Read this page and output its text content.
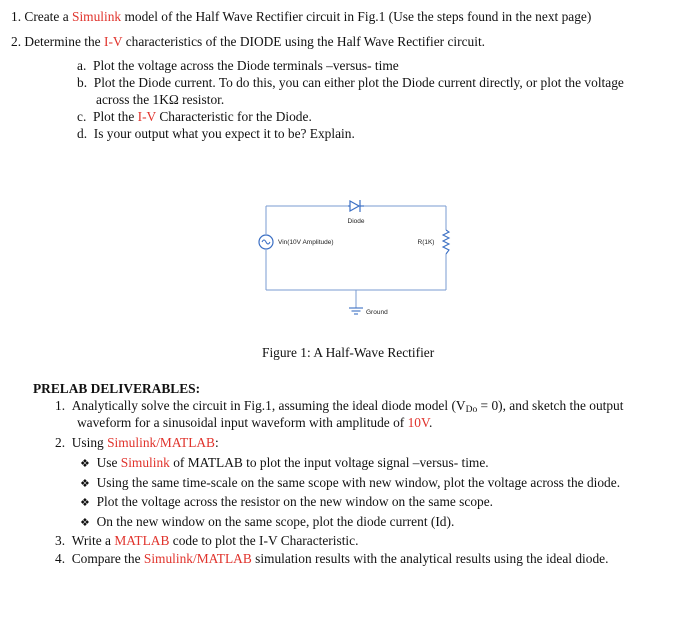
1. Create a Simulink model of the Half Wave Rectifier circuit in Fig.1 (Use the steps found in the next page)
2. Determine the I-V characteristics of the DIODE using the Half Wave Rectifier circuit.
a. Plot the voltage across the Diode terminals –versus- time
b. Plot the Diode current. To do this, you can either plot the Diode current directly, or plot the voltage
across the 1KΩ resistor.
c. Plot the I-V Characteristic for the Diode.
d. Is your output what you expect it to be? Explain.
Diode
Vin(10V Amplitude)	R(1K)
Ground
Figure 1: A Half-Wave Rectifier
PRELAB DELIVERABLES:
1. Analytically solve the circuit in Fig.1, assuming the ideal diode model $(V_{Do} = 0)$, and sketch the output
waveform for a sinusoidal input waveform with amplitude of 10V.
2. Using Simulink/MATLAB:
❖ Use Simulink of MATLAB to plot the input voltage signal –versus- time.
❖ Using the same time-scale on the same scope with new window, plot the voltage across the diode.
❖ Plot the voltage across the resistor on the new window on the same scope.
❖ On the new window on the same scope, plot the diode current (Id).
3. Write a MATLAB code to plot the I-V Characteristic.
4. Compare the Simulink/MATLAB simulation results with the analytical results using the ideal diode.
